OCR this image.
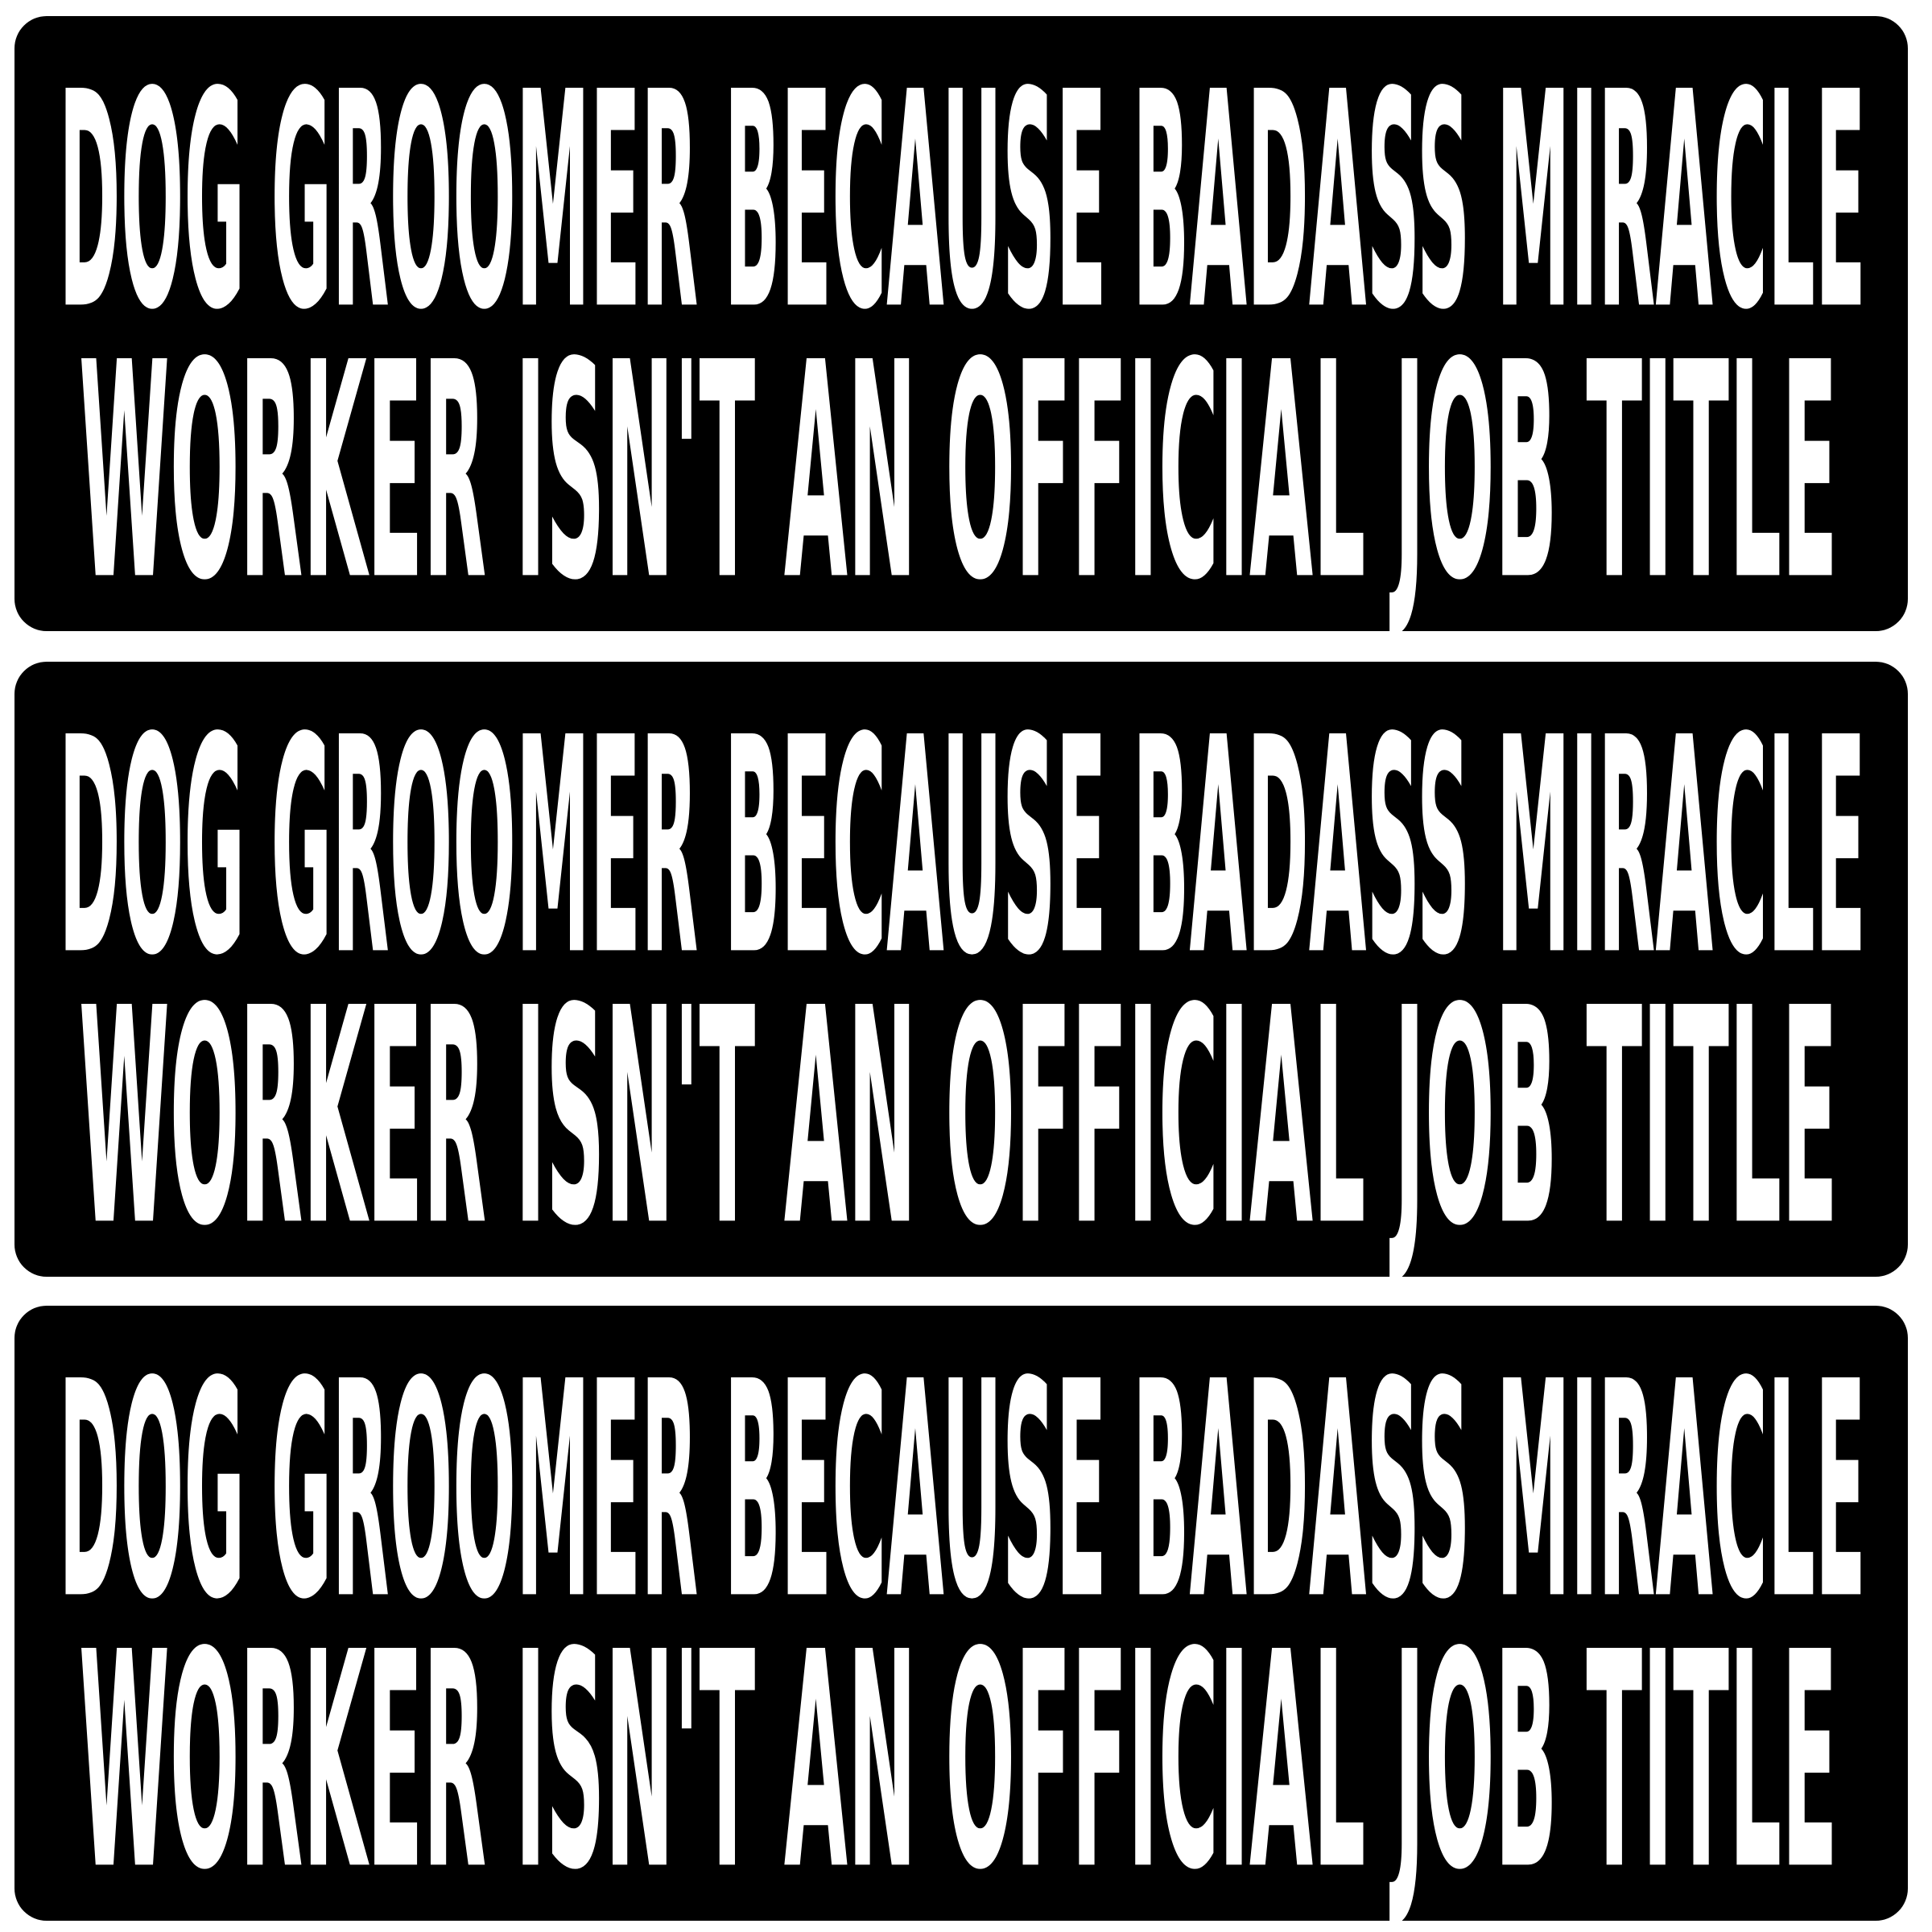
DOG GROOMER BECAUSE BADASS MIRACLE
WORKER ISN'T AN OFFICIAL JOB TITLE
DOG GROOMER BECAUSE BADASS MIRACLE
WORKER ISN'T AN OFFICIAL JOB TITLE
DOG GROOMER BECAUSE BADASS MIRACLE
WORKER ISN'T AN OFFICIAL JOB TITLE
